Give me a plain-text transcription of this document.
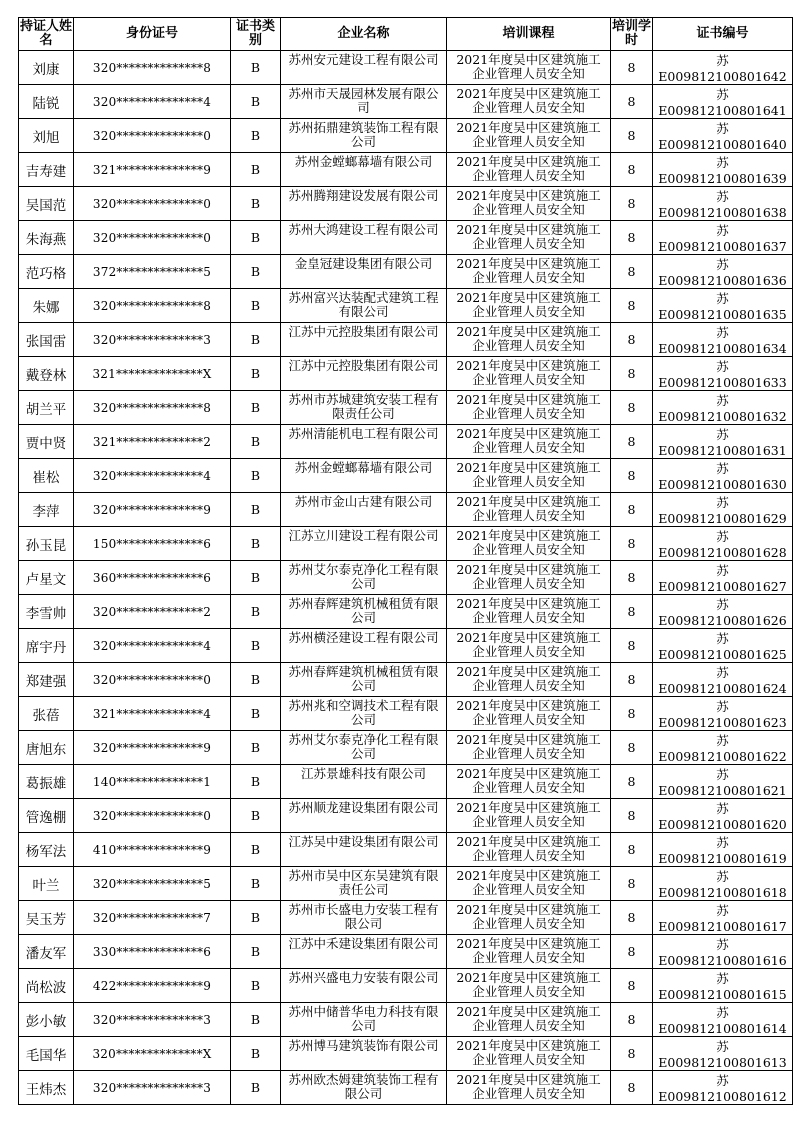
持证人姓名	身份证号	证书类别	企业名称	培训课程	培训学时	证书编号
刘康	320**************8	B	苏州安元建设工程有限公司	2021年度吴中区建筑施工企业管理人员安全知	8	苏E009812100801642
陆锐	320**************4	B	苏州市天晟园林发展有限公司	2021年度吴中区建筑施工企业管理人员安全知	8	苏E009812100801641
刘旭	320**************0	B	苏州拓鼎建筑装饰工程有限公司	2021年度吴中区建筑施工企业管理人员安全知	8	苏E009812100801640
吉寿建	321**************9	B	苏州金螳螂幕墙有限公司	2021年度吴中区建筑施工企业管理人员安全知	8	苏E009812100801639
吴国范	320**************0	B	苏州腾翔建设发展有限公司	2021年度吴中区建筑施工企业管理人员安全知	8	苏E009812100801638
朱海燕	320**************0	B	苏州大鸿建设工程有限公司	2021年度吴中区建筑施工企业管理人员安全知	8	苏E009812100801637
范巧格	372**************5	B	金皇冠建设集团有限公司	2021年度吴中区建筑施工企业管理人员安全知	8	苏E009812100801636
朱娜	320**************8	B	苏州富兴达装配式建筑工程有限公司	2021年度吴中区建筑施工企业管理人员安全知	8	苏E009812100801635
张国雷	320**************3	B	江苏中元控股集团有限公司	2021年度吴中区建筑施工企业管理人员安全知	8	苏E009812100801634
戴登林	321**************X	B	江苏中元控股集团有限公司	2021年度吴中区建筑施工企业管理人员安全知	8	苏E009812100801633
胡兰平	320**************8	B	苏州市苏城建筑安装工程有限责任公司	2021年度吴中区建筑施工企业管理人员安全知	8	苏E009812100801632
贾中贤	321**************2	B	苏州清能机电工程有限公司	2021年度吴中区建筑施工企业管理人员安全知	8	苏E009812100801631
崔松	320**************4	B	苏州金螳螂幕墙有限公司	2021年度吴中区建筑施工企业管理人员安全知	8	苏E009812100801630
李萍	320**************9	B	苏州市金山古建有限公司	2021年度吴中区建筑施工企业管理人员安全知	8	苏E009812100801629
孙玉昆	150**************6	B	江苏立川建设工程有限公司	2021年度吴中区建筑施工企业管理人员安全知	8	苏E009812100801628
卢星文	360**************6	B	苏州艾尔泰克净化工程有限公司	2021年度吴中区建筑施工企业管理人员安全知	8	苏E009812100801627
李雪帅	320**************2	B	苏州春辉建筑机械租赁有限公司	2021年度吴中区建筑施工企业管理人员安全知	8	苏E009812100801626
席宇丹	320**************4	B	苏州横泾建设工程有限公司	2021年度吴中区建筑施工企业管理人员安全知	8	苏E009812100801625
郑建强	320**************0	B	苏州春辉建筑机械租赁有限公司	2021年度吴中区建筑施工企业管理人员安全知	8	苏E009812100801624
张蓓	321**************4	B	苏州兆和空调技术工程有限公司	2021年度吴中区建筑施工企业管理人员安全知	8	苏E009812100801623
唐旭东	320**************9	B	苏州艾尔泰克净化工程有限公司	2021年度吴中区建筑施工企业管理人员安全知	8	苏E009812100801622
葛振雄	140**************1	B	江苏景雄科技有限公司	2021年度吴中区建筑施工企业管理人员安全知	8	苏E009812100801621
管逸棚	320**************0	B	苏州顺龙建设集团有限公司	2021年度吴中区建筑施工企业管理人员安全知	8	苏E009812100801620
杨军法	410**************9	B	江苏吴中建设集团有限公司	2021年度吴中区建筑施工企业管理人员安全知	8	苏E009812100801619
叶兰	320**************5	B	苏州市吴中区东吴建筑有限责任公司	2021年度吴中区建筑施工企业管理人员安全知	8	苏E009812100801618
吴玉芳	320**************7	B	苏州市长盛电力安装工程有限公司	2021年度吴中区建筑施工企业管理人员安全知	8	苏E009812100801617
潘友军	330**************6	B	江苏中禾建设集团有限公司	2021年度吴中区建筑施工企业管理人员安全知	8	苏E009812100801616
尚松波	422**************9	B	苏州兴盛电力安装有限公司	2021年度吴中区建筑施工企业管理人员安全知	8	苏E009812100801615
彭小敏	320**************3	B	苏州中储普华电力科技有限公司	2021年度吴中区建筑施工企业管理人员安全知	8	苏E009812100801614
毛国华	320**************X	B	苏州博马建筑装饰有限公司	2021年度吴中区建筑施工企业管理人员安全知	8	苏E009812100801613
王炜杰	320**************3	B	苏州欧杰姆建筑装饰工程有限公司	2021年度吴中区建筑施工企业管理人员安全知	8	苏E009812100801612
